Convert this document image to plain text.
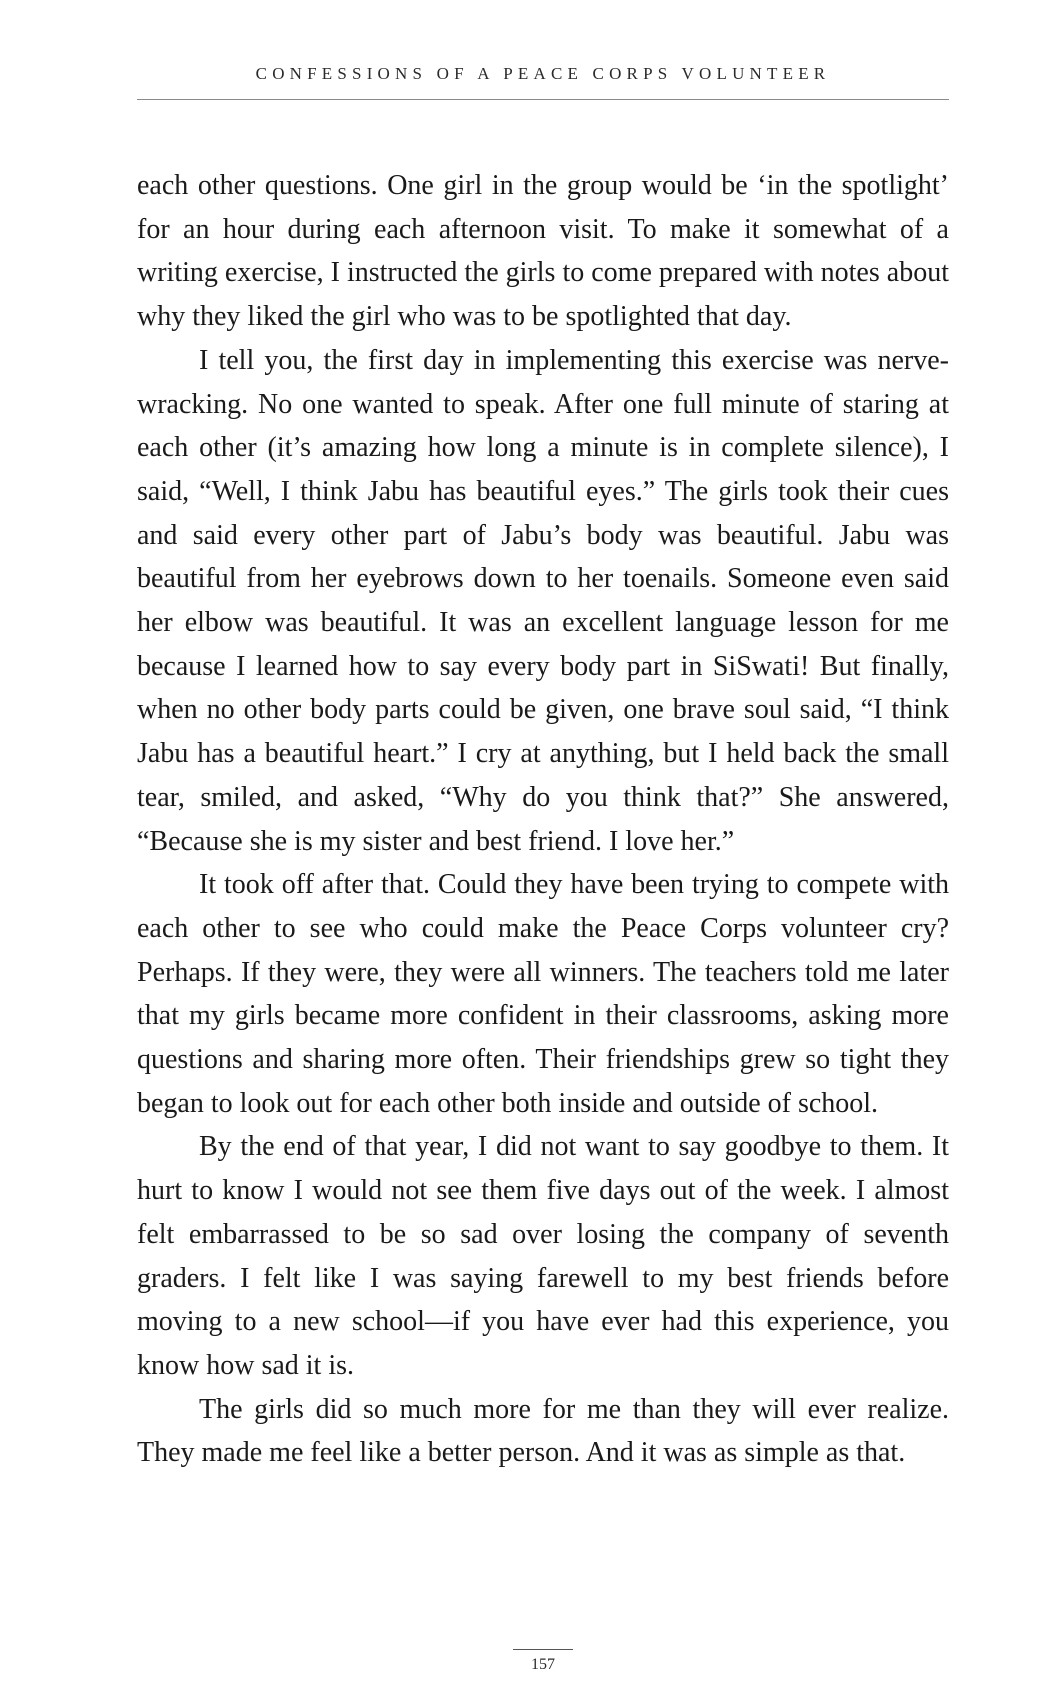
CONFESSIONS OF A PEACE CORPS VOLUNTEER

each other questions. One girl in the group would be ‘in the spotlight’ for an hour during each afternoon visit. To make it somewhat of a writing exercise, I instructed the girls to come prepared with notes about why they liked the girl who was to be spotlighted that day.

I tell you, the first day in implementing this exercise was nerve-wracking. No one wanted to speak. After one full minute of staring at each other (it’s amazing how long a minute is in complete silence), I said, “Well, I think Jabu has beautiful eyes.” The girls took their cues and said every other part of Jabu’s body was beautiful. Jabu was beautiful from her eyebrows down to her toenails. Someone even said her elbow was beautiful. It was an excellent language lesson for me because I learned how to say every body part in SiSwati! But finally, when no other body parts could be given, one brave soul said, “I think Jabu has a beautiful heart.” I cry at anything, but I held back the small tear, smiled, and asked, “Why do you think that?” She answered, “Because she is my sister and best friend. I love her.”

It took off after that. Could they have been trying to compete with each other to see who could make the Peace Corps volunteer cry? Perhaps. If they were, they were all winners. The teachers told me later that my girls became more confident in their classrooms, asking more questions and sharing more often. Their friendships grew so tight they began to look out for each other both inside and outside of school.

By the end of that year, I did not want to say goodbye to them. It hurt to know I would not see them five days out of the week. I almost felt embarrassed to be so sad over losing the company of seventh graders. I felt like I was saying farewell to my best friends before moving to a new school—if you have ever had this experience, you know how sad it is.

The girls did so much more for me than they will ever realize. They made me feel like a better person. And it was as simple as that.

157
